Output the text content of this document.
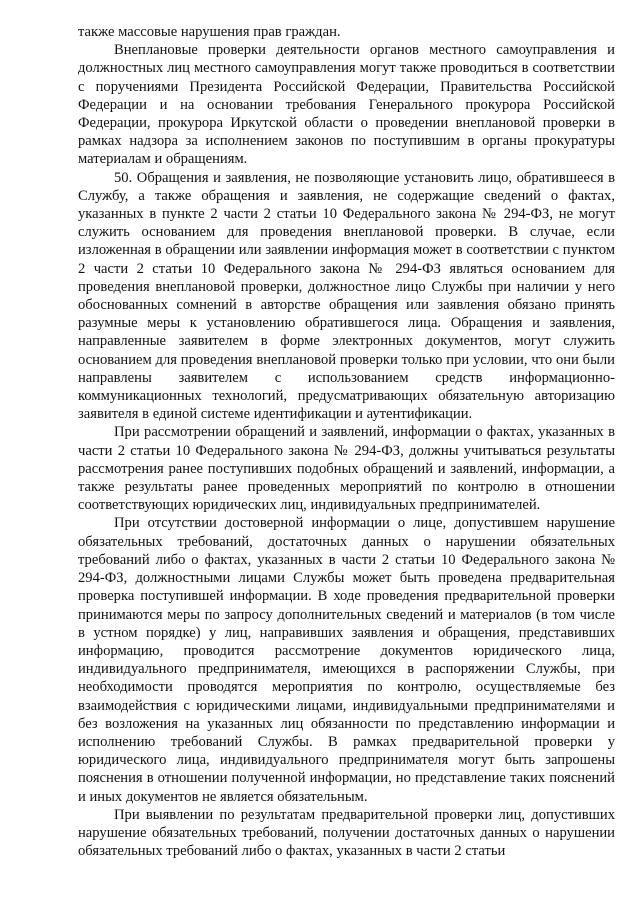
также массовые нарушения прав граждан.

Внеплановые проверки деятельности органов местного самоуправления и должностных лиц местного самоуправления могут также проводиться в соответствии с поручениями Президента Российской Федерации, Правительства Российской Федерации и на основании требования Генерального прокурора Российской Федерации, прокурора Иркутской области о проведении внеплановой проверки в рамках надзора за исполнением законов по поступившим в органы прокуратуры материалам и обращениям.

50. Обращения и заявления, не позволяющие установить лицо, обратившееся в Службу, а также обращения и заявления, не содержащие сведений о фактах, указанных в пункте 2 части 2 статьи 10 Федерального закона № 294-ФЗ, не могут служить основанием для проведения внеплановой проверки. В случае, если изложенная в обращении или заявлении информация может в соответствии с пунктом 2 части 2 статьи 10 Федерального закона № 294-ФЗ являться основанием для проведения внеплановой проверки, должностное лицо Службы при наличии у него обоснованных сомнений в авторстве обращения или заявления обязано принять разумные меры к установлению обратившегося лица. Обращения и заявления, направленные заявителем в форме электронных документов, могут служить основанием для проведения внеплановой проверки только при условии, что они были направлены заявителем с использованием средств информационно-коммуникационных технологий, предусматривающих обязательную авторизацию заявителя в единой системе идентификации и аутентификации.

При рассмотрении обращений и заявлений, информации о фактах, указанных в части 2 статьи 10 Федерального закона № 294-ФЗ, должны учитываться результаты рассмотрения ранее поступивших подобных обращений и заявлений, информации, а также результаты ранее проведенных мероприятий по контролю в отношении соответствующих юридических лиц, индивидуальных предпринимателей.

При отсутствии достоверной информации о лице, допустившем нарушение обязательных требований, достаточных данных о нарушении обязательных требований либо о фактах, указанных в части 2 статьи 10 Федерального закона № 294-ФЗ, должностными лицами Службы может быть проведена предварительная проверка поступившей информации. В ходе проведения предварительной проверки принимаются меры по запросу дополнительных сведений и материалов (в том числе в устном порядке) у лиц, направивших заявления и обращения, представивших информацию, проводится рассмотрение документов юридического лица, индивидуального предпринимателя, имеющихся в распоряжении Службы, при необходимости проводятся мероприятия по контролю, осуществляемые без взаимодействия с юридическими лицами, индивидуальными предпринимателями и без возложения на указанных лиц обязанности по представлению информации и исполнению требований Службы. В рамках предварительной проверки у юридического лица, индивидуального предпринимателя могут быть запрошены пояснения в отношении полученной информации, но представление таких пояснений и иных документов не является обязательным.

При выявлении по результатам предварительной проверки лиц, допустивших нарушение обязательных требований, получении достаточных данных о нарушении обязательных требований либо о фактах, указанных в части 2 статьи
